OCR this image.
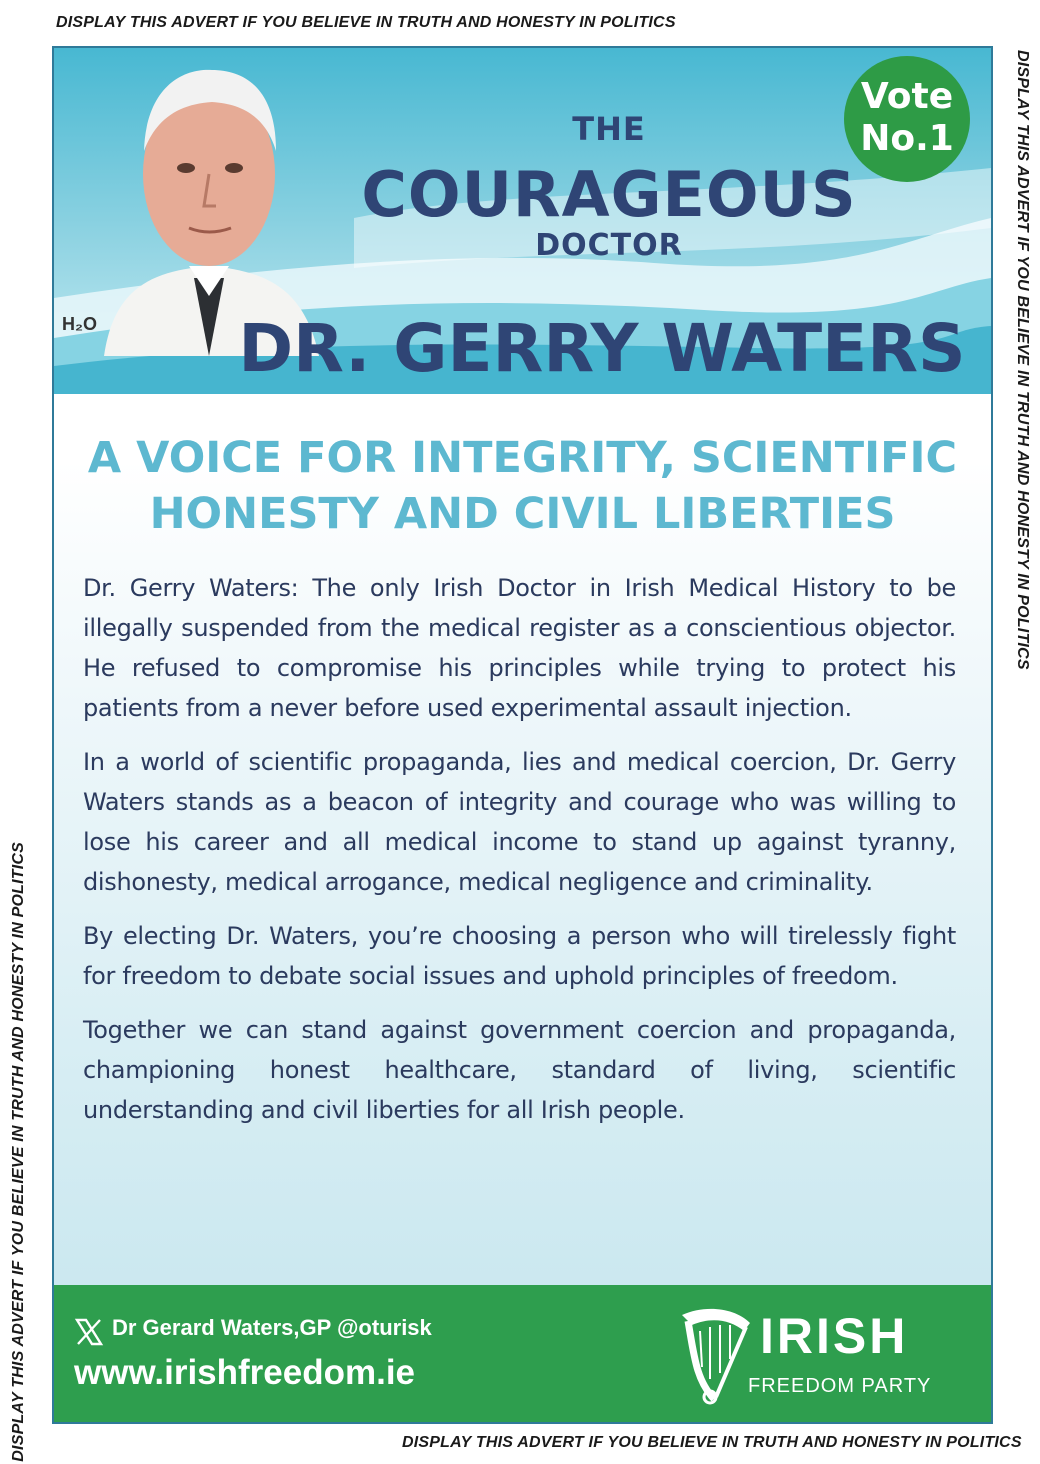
DISPLAY THIS ADVERT IF YOU BELIEVE IN TRUTH AND HONESTY IN POLITICS
DISPLAY THIS ADVERT IF YOU BELIEVE IN TRUTH AND HONESTY IN POLITICS
DISPLAY THIS ADVERT IF YOU BELIEVE IN TRUTH AND HONESTY IN POLITICS	DISPLAY THIS ADVERT IF YOU BELIEVE IN TRUTH AND HONESTY IN POLITICS
H₂O
Vote
No.1
THE
COURAGEOUS
DOCTOR
DR. GERRY WATERS
A VOICE FOR INTEGRITY, SCIENTIFIC
HONESTY AND CIVIL LIBERTIES

Dr. Gerry Waters: The only Irish Doctor in Irish Medical History to be illegally suspended from the medical register as a conscientious objector. He refused to compromise his principles while trying to protect his patients from a never before used experimental assault injection.

In a world of scientific propaganda, lies and medical coercion, Dr. Gerry Waters stands as a beacon of integrity and courage who was willing to lose his career and all medical income to stand up against tyranny, dishonesty, medical arrogance, medical negligence and criminality.

By electing Dr. Waters, you’re choosing a person who will tirelessly fight for freedom to debate social issues and uphold principles of freedom.

Together we can stand against government coercion and propaganda, championing honest healthcare, standard of living, scientific understanding and civil liberties for all Irish people.

Dr Gerard Waters,GP @oturisk
www.irishfreedom.ie
IRISH
FREEDOM PARTY
